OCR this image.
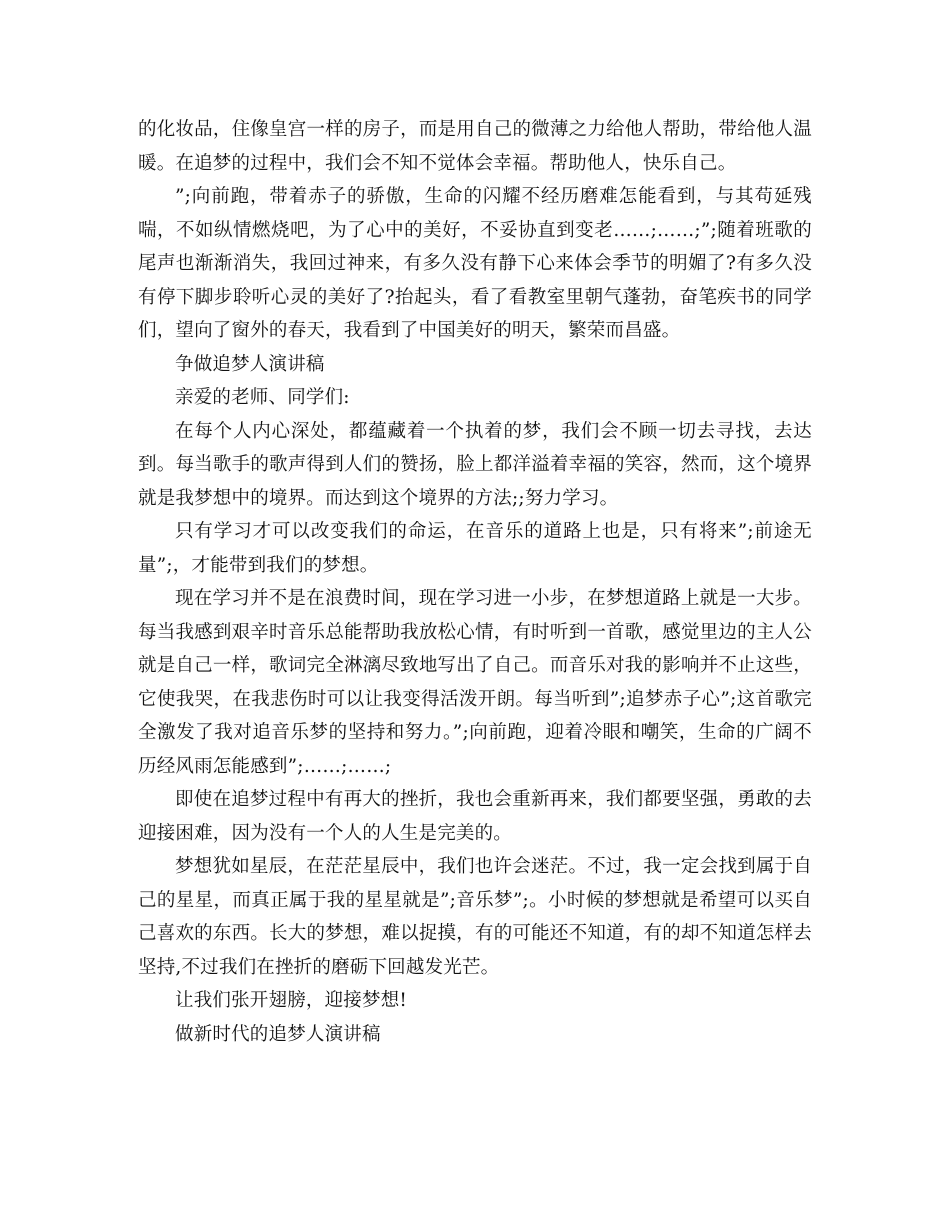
的化妆品，住像皇宫一样的房子，而是用自己的微薄之力给他人帮助，带给他人温暖。在追梦的过程中，我们会不知不觉体会幸福。帮助他人，快乐自己。

”;向前跑，带着赤子的骄傲，生命的闪耀不经历磨难怎能看到，与其苟延残喘，不如纵情燃烧吧，为了心中的美好，不妥协直到变老……;……;”;随着班歌的尾声也渐渐消失，我回过神来，有多久没有静下心来体会季节的明媚了?有多久没有停下脚步聆听心灵的美好了?抬起头，看了看教室里朝气蓬勃，奋笔疾书的同学们，望向了窗外的春天，我看到了中国美好的明天，繁荣而昌盛。

争做追梦人演讲稿

亲爱的老师、同学们:

在每个人内心深处，都蕴藏着一个执着的梦，我们会不顾一切去寻找，去达到。每当歌手的歌声得到人们的赞扬，脸上都洋溢着幸福的笑容，然而，这个境界就是我梦想中的境界。而达到这个境界的方法;;努力学习。

只有学习才可以改变我们的命运，在音乐的道路上也是，只有将来”;前途无量”;，才能带到我们的梦想。

现在学习并不是在浪费时间，现在学习进一小步，在梦想道路上就是一大步。每当我感到艰辛时音乐总能帮助我放松心情，有时听到一首歌，感觉里边的主人公就是自己一样，歌词完全淋漓尽致地写出了自己。而音乐对我的影响并不止这些，它使我哭，在我悲伤时可以让我变得活泼开朗。每当听到”;追梦赤子心”;这首歌完全激发了我对追音乐梦的坚持和努力。”;向前跑，迎着冷眼和嘲笑，生命的广阔不历经风雨怎能感到”;……;……;

即使在追梦过程中有再大的挫折，我也会重新再来，我们都要坚强，勇敢的去迎接困难，因为没有一个人的人生是完美的。

梦想犹如星辰，在茫茫星辰中，我们也许会迷茫。不过，我一定会找到属于自己的星星，而真正属于我的星星就是”;音乐梦”;。小时候的梦想就是希望可以买自己喜欢的东西。长大的梦想，难以捉摸，有的可能还不知道，有的却不知道怎样去坚持,不过我们在挫折的磨砺下回越发光芒。

让我们张开翅膀，迎接梦想!

做新时代的追梦人演讲稿
